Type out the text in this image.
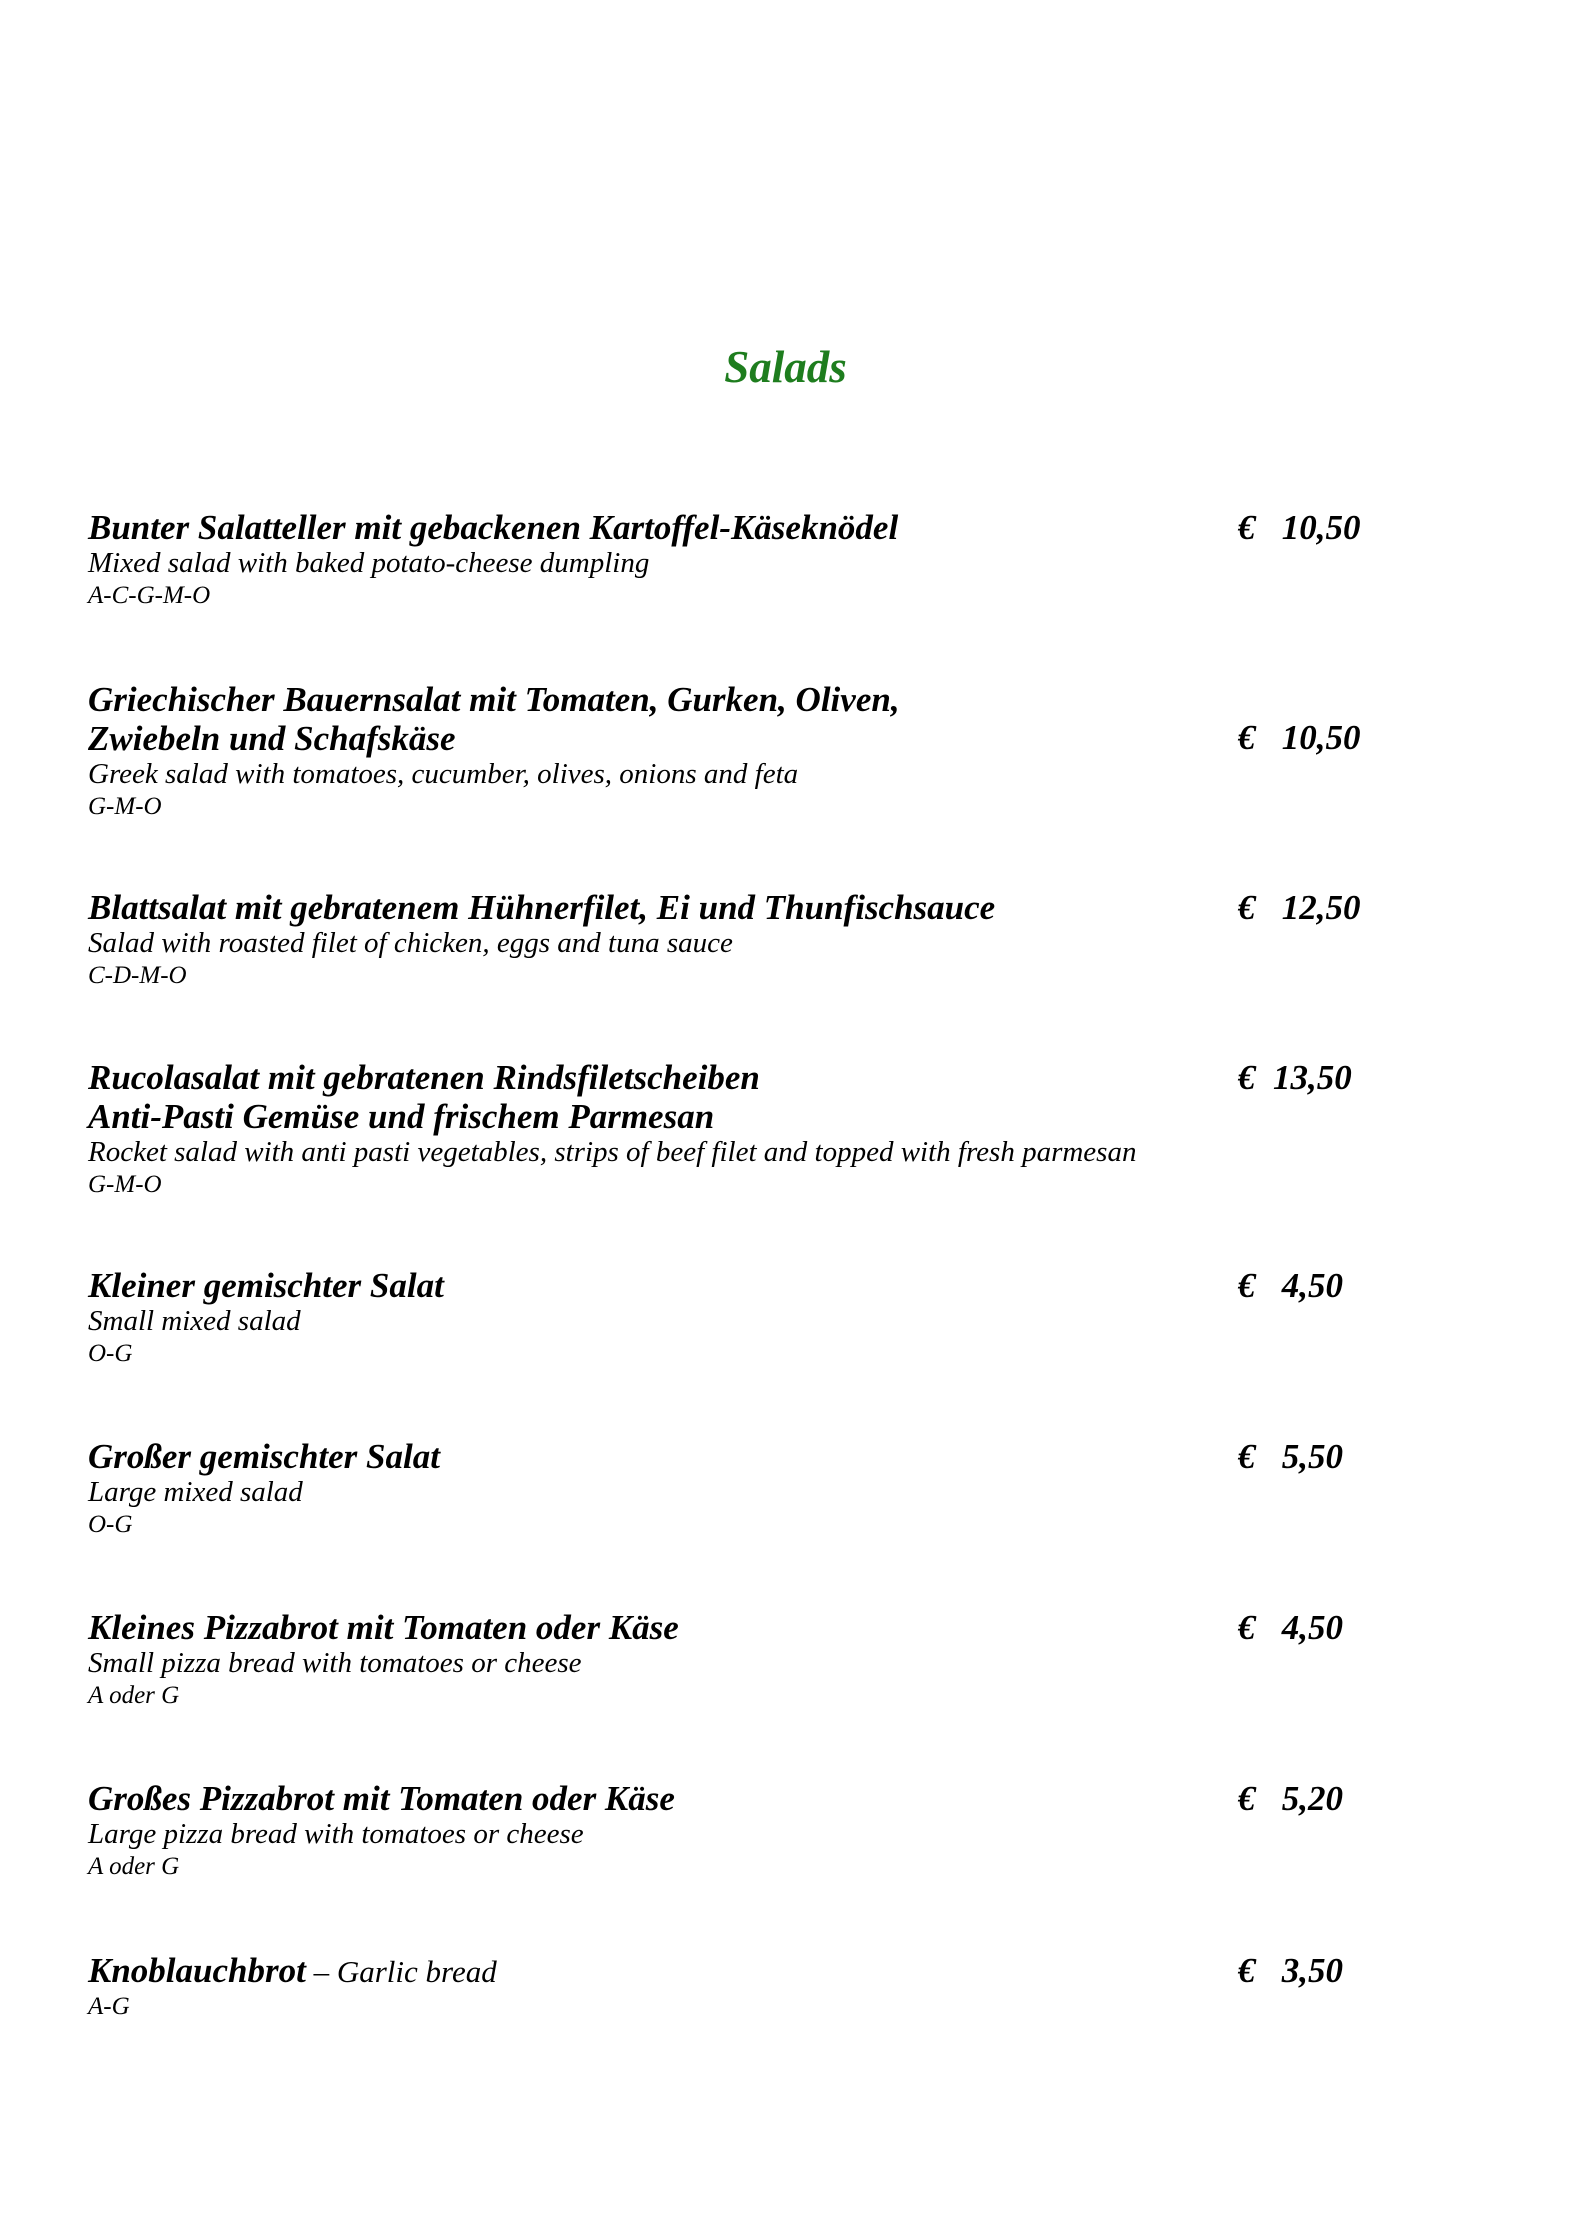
Salads

Bunter Salatteller mit gebackenen Kartoffel-Käseknödel

Mixed salad with baked potato-cheese dumpling

A-C-G-M-O

€ 10,50

Griechischer Bauernsalat mit Tomaten, Gurken, Oliven,

Zwiebeln und Schafskäse

Greek salad with tomatoes, cucumber, olives, onions and feta

G-M-O

€ 10,50

Blattsalat mit gebratenem Hühnerfilet, Ei und Thunfischsauce

Salad with roasted filet of chicken, eggs and tuna sauce

C-D-M-O

€ 12,50

Rucolasalat mit gebratenen Rindsfiletscheiben

Anti-Pasti Gemüse und frischem Parmesan

Rocket salad with anti pasti vegetables, strips of beef filet and topped with fresh parmesan

G-M-O

€ 13,50

Kleiner gemischter Salat

Small mixed salad

O-G

€ 4,50

Großer gemischter Salat

Large mixed salad

O-G

€ 5,50

Kleines Pizzabrot mit Tomaten oder Käse

Small pizza bread with tomatoes or cheese

A oder G

€ 4,50

Großes Pizzabrot mit Tomaten oder Käse

Large pizza bread with tomatoes or cheese

A oder G

€ 5,20

Knoblauchbrot – Garlic bread

A-G

€ 3,50
